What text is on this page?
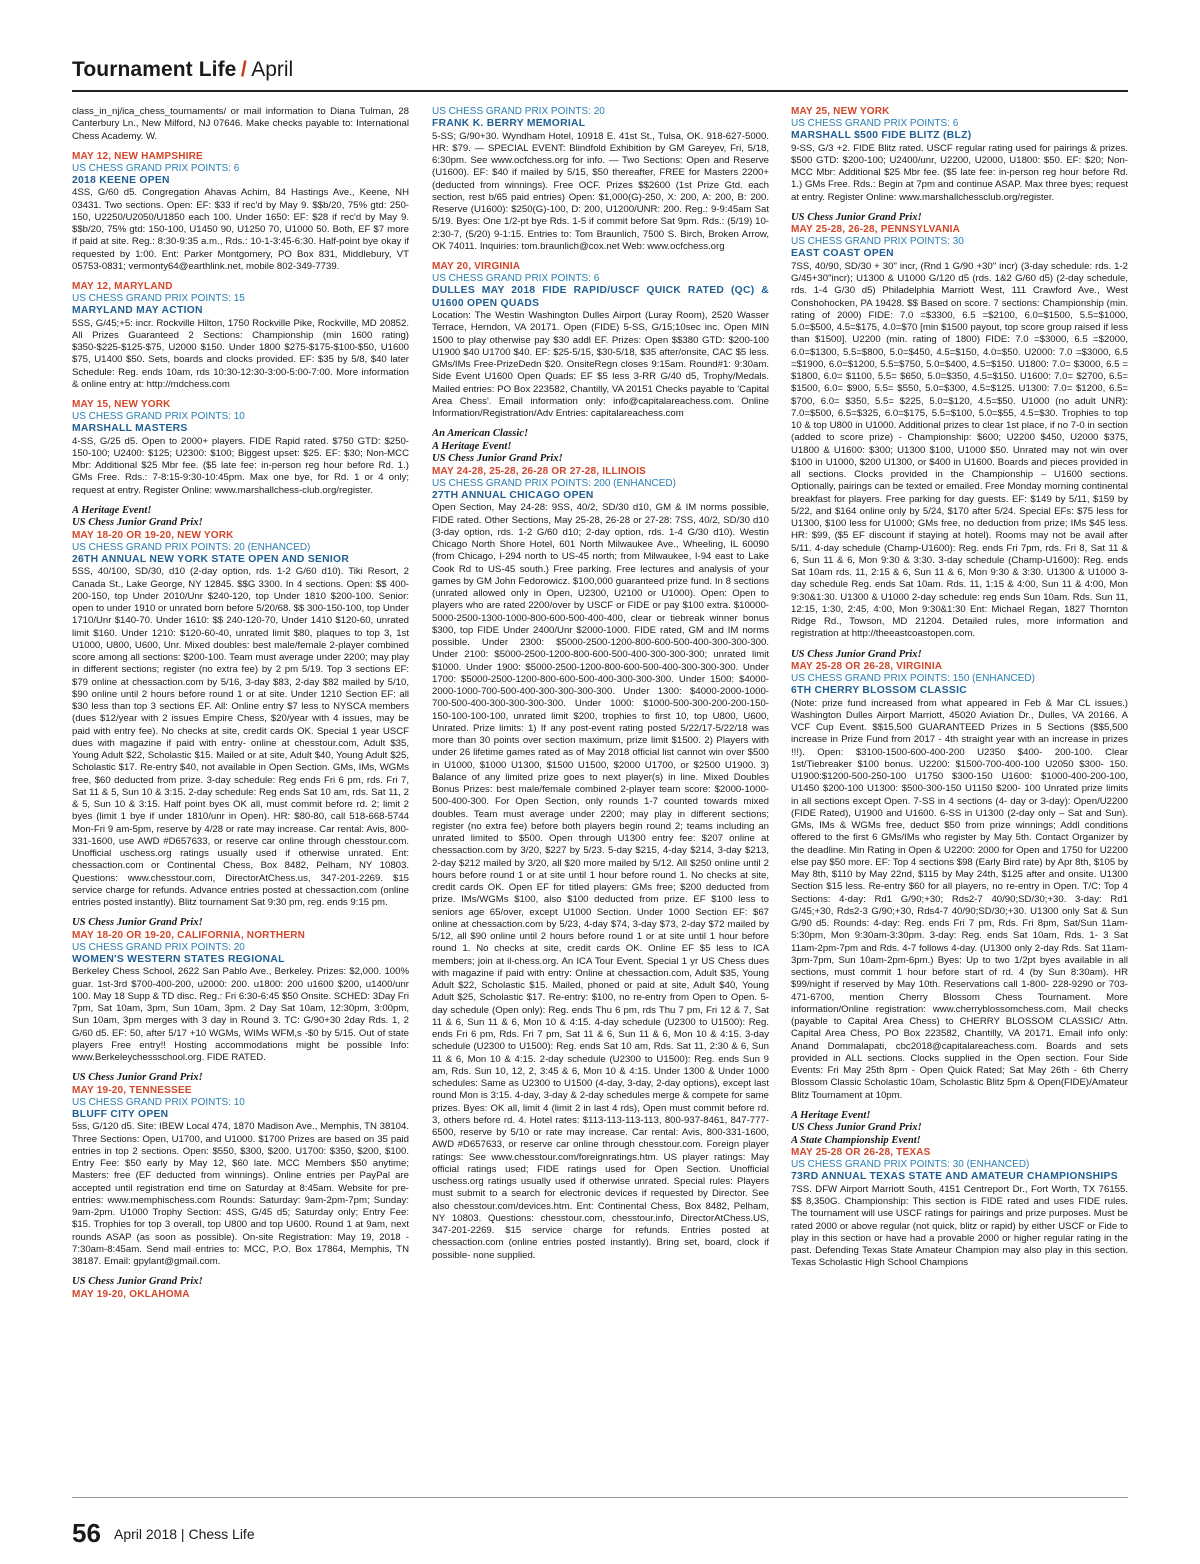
Tournament Life / April
class_in_nj/ica_chess_tournaments/ or mail information to Diana Tulman, 28 Canterbury Ln., New Milford, NJ 07646. Make checks payable to: International Chess Academy. W.
MAY 12, NEW HAMPSHIRE
US CHESS GRAND PRIX POINTS: 6
2018 KEENE OPEN
4SS, G/60 d5. Congregation Ahavas Achim, 84 Hastings Ave., Keene, NH 03431. Two sections. Open: EF: $33 if rec'd by May 9. $$b/20, 75% gtd: 250-150, U2250/U2050/U1850 each 100. Under 1650: EF: $28 if rec'd by May 9. $$b/20, 75% gtd: 150-100, U1450 90, U1250 70, U1000 50. Both, EF $7 more if paid at site. Reg.: 8:30-9:35 a.m., Rds.: 10-1-3:45-6:30. Half-point bye okay if requested by 1:00. Ent: Parker Montgomery, PO Box 831, Middlebury, VT 05753-0831; vermonty64@earthlink.net, mobile 802-349-7739.
MAY 12, MARYLAND
US CHESS GRAND PRIX POINTS: 15
MARYLAND MAY ACTION
5SS, G/45;+5: incr. Rockville Hilton, 1750 Rockville Pike, Rockville, MD 20852. All Prizes Guaranteed 2 Sections: Championship (min 1600 rating) $350-$225-$125-$75, U2000 $150. Under 1800 $275-$175-$100-$50, U1600 $75, U1400 $50. Sets, boards and clocks provided. EF: $35 by 5/8, $40 later Schedule: Reg. ends 10am, rds 10:30-12:30-3:00-5:00-7:00. More information & online entry at: http://mdchess.com
MAY 15, NEW YORK
US CHESS GRAND PRIX POINTS: 10
MARSHALL MASTERS
4-SS, G/25 d5. Open to 2000+ players. FIDE Rapid rated. $750 GTD: $250-150-100; U2400: $125; U2300: $100; Biggest upset: $25. EF: $30; Non-MCC Mbr: Additional $25 Mbr fee. ($5 late fee: in-person reg hour before Rd. 1.) GMs Free. Rds.: 7-8:15-9:30-10:45pm. Max one bye, for Rd. 1 or 4 only; request at entry. Register Online: www.marshallchess-club.org/register.
A Heritage Event!
US Chess Junior Grand Prix!
MAY 18-20 OR 19-20, NEW YORK
US CHESS GRAND PRIX POINTS: 20 (ENHANCED)
26TH ANNUAL NEW YORK STATE OPEN AND SENIOR
5SS, 40/100, SD/30, d10 (2-day option, rds. 1-2 G/60 d10). Tiki Resort, 2 Canada St., Lake George, NY 12845. $$G 3300. In 4 sections. Open: $$ 400-200-150, top Under 2010/Unr $240-120, top Under 1810 $200-100. Senior: open to under 1910 or unrated born before 5/20/68. $$ 300-150-100, top Under 1710/Unr $140-70. Under 1610: $$ 240-120-70, Under 1410 $120-60, unrated limit $160. Under 1210: $120-60-40, unrated limit $80, plaques to top 3, 1st U1000, U800, U600, Unr. Mixed doubles: best male/female 2-player combined score among all sections: $200-100. Team must average under 2200; may play in different sections; register (no extra fee) by 2 pm 5/19. Top 3 sections EF: $79 online at chessaction.com by 5/16, 3-day $83, 2-day $82 mailed by 5/10, $90 online until 2 hours before round 1 or at site. Under 1210 Section EF: all $30 less than top 3 sections EF. All: Online entry $7 less to NYSCA members (dues $12/year with 2 issues Empire Chess, $20/year with 4 issues, may be paid with entry fee). No checks at site, credit cards OK. Special 1 year USCF dues with magazine if paid with entry- online at chesstour.com, Adult $35, Young Adult $22, Scholastic $15. Mailed or at site, Adult $40, Young Adult $25, Scholastic $17. Re-entry $40, not available in Open Section. GMs, IMs, WGMs free, $60 deducted from prize. 3-day schedule: Reg ends Fri 6 pm, rds. Fri 7, Sat 11 & 5, Sun 10 & 3:15. 2-day schedule: Reg ends Sat 10 am, rds. Sat 11, 2 & 5, Sun 10 & 3:15. Half point byes OK all, must commit before rd. 2; limit 2 byes (limit 1 bye if under 1810/unr in Open). HR: $80-80, call 518-668-5744 Mon-Fri 9 am-5pm, reserve by 4/28 or rate may increase. Car rental: Avis, 800-331-1600, use AWD #D657633, or reserve car online through chesstour.com. Unofficial uschess.org ratings usually used if otherwise unrated. Ent: chessaction.com or Continental Chess, Box 8482, Pelham, NY 10803. Questions: www.chesstour.com, DirectorAtChess.us, 347-201-2269. $15 service charge for refunds. Advance entries posted at chessaction.com (online entries posted instantly). Blitz tournament Sat 9:30 pm, reg. ends 9:15 pm.
US Chess Junior Grand Prix!
MAY 18-20 OR 19-20, CALIFORNIA, NORTHERN
US CHESS GRAND PRIX POINTS: 20
WOMEN'S WESTERN STATES REGIONAL
Berkeley Chess School, 2622 San Pablo Ave., Berkeley. Prizes: $2,000. 100% guar. 1st-3rd $700-400-200, u2000: 200. u1800: 200 u1600 $200, u1400/unr 100. May 18 Supp & TD disc. Reg.: Fri 6:30-6:45 $50 Onsite. SCHED: 3Day Fri 7pm, Sat 10am, 3pm, Sun 10am, 3pm. 2 Day Sat 10am, 12:30pm, 3:00pm, Sun 10am, 3pm merges with 3 day in Round 3. TC: G/90+30 2day Rds. 1, 2 G/60 d5. EF: 50, after 5/17 +10 WGMs, WIMs WFM,s -$0 by 5/15. Out of state players Free entry!! Hosting accommodations might be possible Info: www.Berkeleychessschool.org. FIDE RATED.
US Chess Junior Grand Prix!
MAY 19-20, TENNESSEE
US CHESS GRAND PRIX POINTS: 10
BLUFF CITY OPEN
5ss, G/120 d5. Site: IBEW Local 474, 1870 Madison Ave., Memphis, TN 38104. Three Sections: Open, U1700, and U1000. $1700 Prizes are based on 35 paid entries in top 2 sections. Open: $550, $300, $200. U1700: $350, $200, $100. Entry Fee: $50 early by May 12, $60 late. MCC Members $50 anytime; Masters: free (EF deducted from winnings). Online entries per PayPal are accepted until registration end time on Saturday at 8:45am. Website for pre-entries: www.memphischess.com Rounds: Saturday: 9am-2pm-7pm; Sunday: 9am-2pm. U1000 Trophy Section: 4SS, G/45 d5; Saturday only; Entry Fee: $15. Trophies for top 3 overall, top U800 and top U600. Round 1 at 9am, next rounds ASAP (as soon as possible). On-site Registration: May 19, 2018 - 7:30am-8:45am. Send mail entries to: MCC, P.O. Box 17864, Memphis, TN 38187. Email: gpylant@gmail.com.
US Chess Junior Grand Prix!
MAY 19-20, OKLAHOMA
US CHESS GRAND PRIX POINTS: 20
FRANK K. BERRY MEMORIAL
5-SS; G/90+30. Wyndham Hotel, 10918 E. 41st St., Tulsa, OK. 918-627-5000. HR: $79. — SPECIAL EVENT: Blindfold Exhibition by GM Gareyev, Fri, 5/18, 6:30pm. See www.ocfchess.org for info. — Two Sections: Open and Reserve (U1600). EF: $40 if mailed by 5/15, $50 thereafter, FREE for Masters 2200+ (deducted from winnings). Free OCF. Prizes $$2600 (1st Prize Gtd. each section, rest b/65 paid entries) Open: $1,000(G)-250, X: 200, A: 200, B: 200. Reserve (U1600): $250(G)-100, D: 200, U1200/UNR: 200. Reg.: 9-9:45am Sat 5/19. Byes: One 1/2-pt bye Rds. 1-5 if commit before Sat 9pm. Rds.: (5/19) 10-2:30-7, (5/20) 9-1:15. Entries to: Tom Braunlich, 7500 S. Birch, Broken Arrow, OK 74011. Inquiries: tom.braunlich@cox.net Web: www.ocfchess.org
MAY 20, VIRGINIA
US CHESS GRAND PRIX POINTS: 6
DULLES MAY 2018 FIDE RAPID/USCF QUICK RATED (QC) & U1600 OPEN QUADS
Location: The Westin Washington Dulles Airport (Luray Room), 2520 Wasser Terrace, Herndon, VA 20171. Open (FIDE) 5-SS, G/15;10sec inc. Open MIN 1500 to play otherwise pay $30 addl EF. Prizes: Open $$380 GTD: $200-100 U1900 $40 U1700 $40. EF: $25-5/15, $30-5/18, $35 after/onsite, CAC $5 less. GMs/IMs Free-PrizeDedn $20. OnsiteRegn closes 9:15am. Round#1: 9:30am. Side Event U1600 Open Quads: EF $5 less 3-RR G/40 d5, Trophy/Medals. Mailed entries: PO Box 223582, Chantilly, VA 20151 Checks payable to 'Capital Area Chess'. Email information only: info@capitalareachess.com. Online Information/Registration/Adv Entries: capitalareachess.com
An American Classic!
A Heritage Event!
US Chess Junior Grand Prix!
MAY 24-28, 25-28, 26-28 OR 27-28, ILLINOIS
US CHESS GRAND PRIX POINTS: 200 (ENHANCED)
27TH ANNUAL CHICAGO OPEN
Open Section, May 24-28: 9SS, 40/2, SD/30 d10, GM & IM norms possible, FIDE rated. Other Sections, May 25-28, 26-28 or 27-28: 7SS, 40/2, SD/30 d10 (3-day option, rds. 1-2 G/60 d10; 2-day option, rds. 1-4 G/30 d10). Westin Chicago North Shore Hotel, 601 North Milwaukee Ave., Wheeling, IL 60090 (from Chicago, I-294 north to US-45 north; from Milwaukee, I-94 east to Lake Cook Rd to US-45 south.) Free parking. Free lectures and analysis of your games by GM John Fedorowicz. $100,000 guaranteed prize fund. In 8 sections (unrated allowed only in Open, U2300, U2100 or U1000). Open: Open to players who are rated 2200/over by USCF or FIDE or pay $100 extra. $10000-5000-2500-1300-1000-800-600-500-400-400, clear or tiebreak winner bonus $300, top FIDE Under 2400/Unr $2000-1000. FIDE rated, GM and IM norms possible. Under 2300: $5000-2500-1200-800-600-500-400-300-300-300. Under 2100: $5000-2500-1200-800-600-500-400-300-300-300; unrated limit $1000. Under 1900: $5000-2500-1200-800-600-500-400-300-300-300. Under 1700: $5000-2500-1200-800-600-500-400-300-300-300. Under 1500: $4000-2000-1000-700-500-400-300-300-300-300. Under 1300: $4000-2000-1000-700-500-400-300-300-300-300. Under 1000: $1000-500-300-200-200-150-150-100-100-100, unrated limit $200, trophies to first 10, top U800, U600, Unrated. Prize limits: 1) If any post-event rating posted 5/22/17-5/22/18 was more than 30 points over section maximum, prize limit $1500. 2) Players with under 26 lifetime games rated as of May 2018 official list cannot win over $500 in U1000, $1000 U1300, $1500 U1500, $2000 U1700, or $2500 U1900. 3) Balance of any limited prize goes to next player(s) in line. Mixed Doubles Bonus Prizes: best male/female combined 2-player team score: $2000-1000-500-400-300. For Open Section, only rounds 1-7 counted towards mixed doubles. Team must average under 2200; may play in different sections; register (no extra fee) before both players begin round 2; teams including an unrated limited to $500. Open through U1300 entry fee: $207 online at chessaction.com by 3/20, $227 by 5/23. 5-day $215, 4-day $214, 3-day $213, 2-day $212 mailed by 3/20, all $20 more mailed by 5/12. All $250 online until 2 hours before round 1 or at site until 1 hour before round 1. No checks at site, credit cards OK. Open EF for titled players: GMs free; $200 deducted from prize. IMs/WGMs $100, also $100 deducted from prize. EF $100 less to seniors age 65/over, except U1000 Section. Under 1000 Section EF: $67 online at chessaction.com by 5/23, 4-day $74, 3-day $73, 2-day $72 mailed by 5/12, all $90 online until 2 hours before round 1 or at site until 1 hour before round 1. No checks at site, credit cards OK. Online EF $5 less to ICA members; join at il-chess.org. An ICA Tour Event. Special 1 yr US Chess dues with magazine if paid with entry: Online at chessaction.com, Adult $35, Young Adult $22, Scholastic $15. Mailed, phoned or paid at site, Adult $40, Young Adult $25, Scholastic $17. Re-entry: $100, no re-entry from Open to Open. 5-day schedule (Open only): Reg. ends Thu 6 pm, rds Thu 7 pm, Fri 12 & 7, Sat 11 & 6, Sun 11 & 6, Mon 10 & 4:15. 4-day schedule (U2300 to U1500): Reg. ends Fri 6 pm, Rds. Fri 7 pm, Sat 11 & 6, Sun 11 & 6, Mon 10 & 4:15. 3-day schedule (U2300 to U1500): Reg. ends Sat 10 am, Rds. Sat 11, 2:30 & 6, Sun 11 & 6, Mon 10 & 4:15. 2-day schedule (U2300 to U1500): Reg. ends Sun 9 am, Rds. Sun 10, 12, 2, 3:45 & 6, Mon 10 & 4:15. Under 1300 & Under 1000 schedules: Same as U2300 to U1500 (4-day, 3-day, 2-day options), except last round Mon is 3:15. 4-day, 3-day & 2-day schedules merge & compete for same prizes. Byes: OK all, limit 4 (limit 2 in last 4 rds), Open must commit before rd. 3, others before rd. 4. Hotel rates: $113-113-113-113, 800-937-8461, 847-777-6500, reserve by 5/10 or rate may increase. Car rental: Avis, 800-331-1600, AWD #D657633, or reserve car online through chesstour.com. Foreign player ratings: See www.chesstour.com/foreignratings.htm. US player ratings: May official ratings used; FIDE ratings used for Open Section. Unofficial uschess.org ratings usually used if otherwise unrated. Special rules: Players must submit to a search for electronic devices if requested by Director. See also chesstour.com/devices.htm. Ent: Continental Chess, Box 8482, Pelham, NY 10803. Questions: chesstour.com, chesstour.info, DirectorAtChess.US, 347-201-2269. $15 service charge for refunds. Entries posted at chessaction.com (online entries posted instantly). Bring set, board, clock if possible- none supplied.
MAY 25, NEW YORK
US CHESS GRAND PRIX POINTS: 6
MARSHALL $500 FIDE BLITZ (BLZ)
9-SS, G/3 +2. FIDE Blitz rated. USCF regular rating used for pairings & prizes. $500 GTD: $200-100; U2400/unr, U2200, U2000, U1800: $50. EF: $20; Non-MCC Mbr: Additional $25 Mbr fee. ($5 late fee: in-person reg hour before Rd. 1.) GMs Free. Rds.: Begin at 7pm and continue ASAP. Max three byes; request at entry. Register Online: www.marshallchessclub.org/register.
US Chess Junior Grand Prix!
MAY 25-28, 26-28, PENNSYLVANIA
US CHESS GRAND PRIX POINTS: 30
EAST COAST OPEN
7SS, 40/90, SD/30 + 30" incr, (Rnd 1 G/90 +30" incr) (3-day schedule: rds. 1-2 G/45+30"incr); U1300 & U1000 G/120 d5 (rds. 1&2 G/60 d5) (2-day schedule, rds. 1-4 G/30 d5) Philadelphia Marriott West, 111 Crawford Ave., West Conshohocken, PA 19428. $$ Based on score. 7 sections: Championship (min. rating of 2000) FIDE: 7.0 =$3300, 6.5 =$2100, 6.0=$1500, 5.5=$1000, 5.0=$500, 4.5=$175, 4.0=$70 [min $1500 payout, top score group raised if less than $1500]. U2200 (min. rating of 1800) FIDE: 7.0 =$3000, 6.5 =$2000, 6.0=$1300, 5.5=$800, 5.0=$450, 4.5=$150, 4.0=$50. U2000: 7.0 =$3000, 6.5 =$1900, 6.0=$1200, 5.5=$750, 5.0=$400, 4.5=$150. U1800: 7.0= $3000, 6.5 = $1800, 6.0= $1100, 5.5= $650, 5.0=$350, 4.5=$150. U1600: 7.0= $2700, 6.5= $1500, 6.0= $900, 5.5= $550, 5.0=$300, 4.5=$125. U1300: 7.0= $1200, 6.5= $700, 6.0= $350, 5.5= $225, 5.0=$120, 4.5=$50. U1000 (no adult UNR): 7.0=$500, 6.5=$325, 6.0=$175, 5.5=$100, 5.0=$55, 4.5=$30. Trophies to top 10 & top U800 in U1000. Additional prizes to clear 1st place, if no 7-0 in section (added to score prize) - Championship: $600; U2200 $450, U2000 $375, U1800 & U1600: $300; U1300 $100, U1000 $50. Unrated may not win over $100 in U1000, $200 U1300, or $400 in U1600. Boards and pieces provided in all sections. Clocks provided in the Championship – U1600 sections. Optionally, pairings can be texted or emailed. Free Monday morning continental breakfast for players. Free parking for day guests. EF: $149 by 5/11, $159 by 5/22, and $164 online only by 5/24, $170 after 5/24. Special EFs: $75 less for U1300, $100 less for U1000; GMs free, no deduction from prize; IMs $45 less. HR: $99, ($5 EF discount if staying at hotel). Rooms may not be avail after 5/11. 4-day schedule (Champ-U1600): Reg. ends Fri 7pm, rds. Fri 8, Sat 11 & 6, Sun 11 & 6, Mon 9:30 & 3:30. 3-day schedule (Champ-U1600): Reg. ends Sat 10am rds. 11, 2:15 & 6, Sun 11 & 6, Mon 9:30 & 3:30. U1300 & U1000 3-day schedule Reg. ends Sat 10am. Rds. 11, 1:15 & 4:00, Sun 11 & 4:00, Mon 9:30&1:30. U1300 & U1000 2-day schedule: reg ends Sun 10am. Rds. Sun 11, 12:15, 1:30, 2:45, 4:00, Mon 9:30&1:30 Ent: Michael Regan, 1827 Thornton Ridge Rd., Towson, MD 21204. Detailed rules, more information and registration at http://theeastcoastopen.com.
US Chess Junior Grand Prix!
MAY 25-28 OR 26-28, VIRGINIA
US CHESS GRAND PRIX POINTS: 150 (ENHANCED)
6TH CHERRY BLOSSOM CLASSIC
(Note: prize fund increased from what appeared in Feb & Mar CL issues.) Washington Dulles Airport Marriott, 45020 Aviation Dr., Dulles, VA 20166. A VCF Cup Event. $$15,500 GUARANTEED Prizes in 5 Sections ($$5,500 increase in Prize Fund from 2017 - 4th straight year with an increase in prizes !!!). Open: $3100-1500-600-400-200 U2350 $400- 200-100. Clear 1st/Tiebreaker $100 bonus. U2200: $1500-700-400-100 U2050 $300- 150. U1900:$1200-500-250-100 U1750 $300-150 U1600: $1000-400-200-100, U1450 $200-100 U1300: $500-300-150 U1150 $200- 100 Unrated prize limits in all sections except Open. 7-SS in 4 sections (4- day or 3-day): Open/U2200 (FIDE Rated), U1900 and U1600. 6-SS in U1300 (2-day only – Sat and Sun). GMs, IMs & WGMs free, deduct $50 from prize winnings; Addl conditions offered to the first 6 GMs/IMs who register by May 5th. Contact Organizer by the deadline. Min Rating in Open & U2200: 2000 for Open and 1750 for U2200 else pay $50 more. EF: Top 4 sections $98 (Early Bird rate) by Apr 8th, $105 by May 8th, $110 by May 22nd, $115 by May 24th, $125 after and onsite. U1300 Section $15 less. Re-entry $60 for all players, no re-entry in Open. T/C: Top 4 Sections: 4-day: Rd1 G/90;+30; Rds2-7 40/90;SD/30;+30. 3-day: Rd1 G/45;+30, Rds2-3 G/90;+30, Rds4-7 40/90;SD/30;+30. U1300 only Sat & Sun G/90 d5. Rounds: 4-day: Reg. ends Fri 7 pm, Rds. Fri 8pm, Sat/Sun 11am- 5:30pm, Mon 9:30am-3:30pm. 3-day: Reg. ends Sat 10am, Rds. 1- 3 Sat 11am-2pm-7pm and Rds. 4-7 follows 4-day. (U1300 only 2-day Rds. Sat 11am-3pm-7pm, Sun 10am-2pm-6pm.) Byes: Up to two 1/2pt byes available in all sections, must commit 1 hour before start of rd. 4 (by Sun 8:30am). HR $99/night if reserved by May 10th. Reservations call 1-800- 228-9290 or 703-471-6700, mention Cherry Blossom Chess Tournament. More information/Online registration: www.cherryblossomchess.com. Mail checks (payable to Capital Area Chess) to CHERRY BLOSSOM CLASSIC/ Attn. Capital Area Chess, PO Box 223582, Chantilly, VA 20171. Email info only: Anand Dommalapati, cbc2018@capitalareachess.com. Boards and sets provided in ALL sections. Clocks supplied in the Open section. Four Side Events: Fri May 25th 8pm - Open Quick Rated; Sat May 26th - 6th Cherry Blossom Classic Scholastic 10am, Scholastic Blitz 5pm & Open(FIDE)/Amateur Blitz Tournament at 10pm.
A Heritage Event!
US Chess Junior Grand Prix!
A State Championship Event!
MAY 25-28 OR 26-28, TEXAS
US CHESS GRAND PRIX POINTS: 30 (ENHANCED)
73RD ANNUAL TEXAS STATE AND AMATEUR CHAMPIONSHIPS
7SS. DFW Airport Marriott South, 4151 Centreport Dr., Fort Worth, TX 76155. $$ 8,350G. Championship: This section is FIDE rated and uses FIDE rules. The tournament will use USCF ratings for pairings and prize purposes. Must be rated 2000 or above regular (not quick, blitz or rapid) by either USCF or Fide to play in this section or have had a provable 2000 or higher regular rating in the past. Defending Texas State Amateur Champion may also play in this section. Texas Scholastic High School Champions
56 April 2018 | Chess Life
